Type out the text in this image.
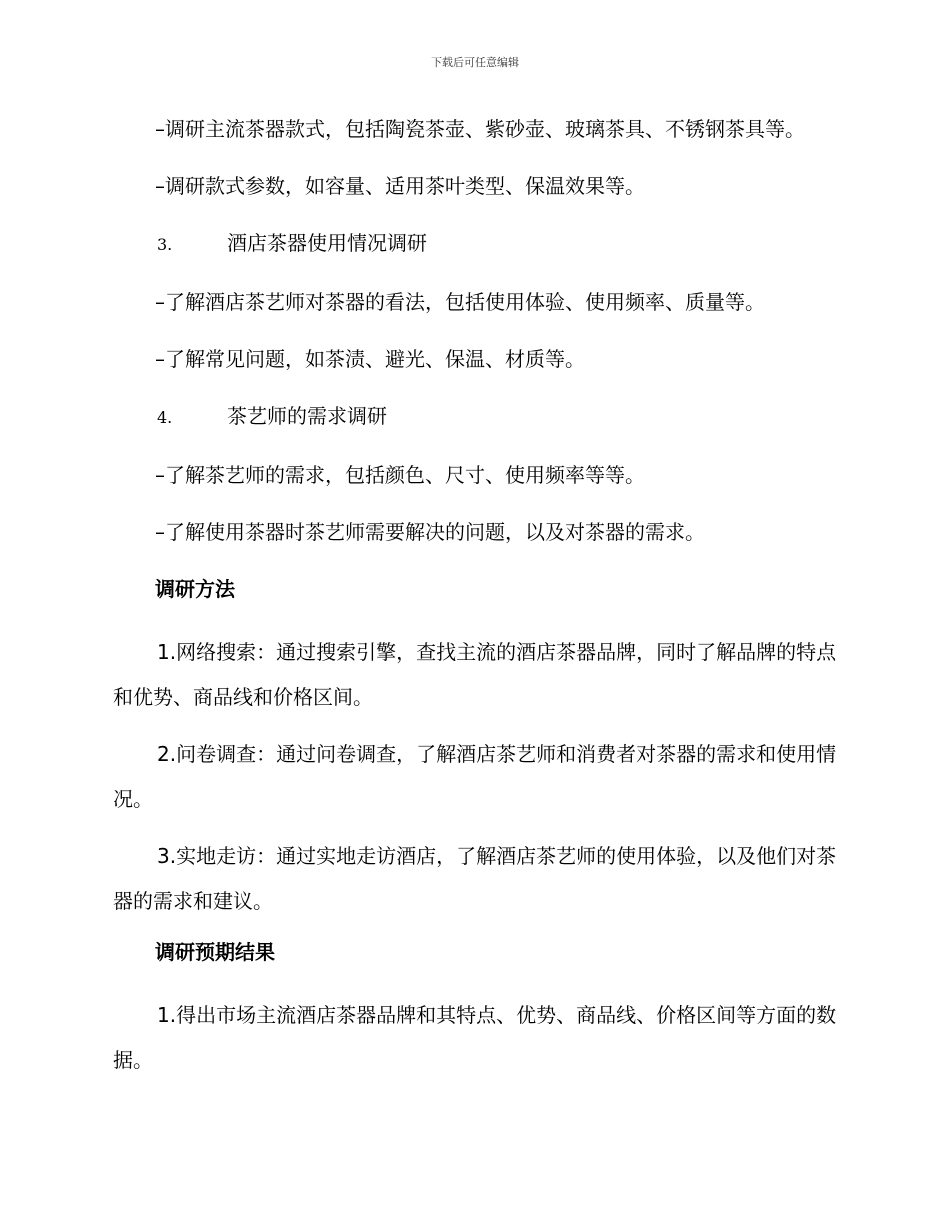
下载后可任意编辑

–调研主流茶器款式，包括陶瓷茶壶、紫砂壶、玻璃茶具、不锈钢茶具等。

–调研款式参数，如容量、适用茶叶类型、保温效果等。

3.	酒店茶器使用情况调研

–了解酒店茶艺师对茶器的看法，包括使用体验、使用频率、质量等。

–了解常见问题，如茶渍、避光、保温、材质等。

4.	茶艺师的需求调研

–了解茶艺师的需求，包括颜色、尺寸、使用频率等等。

–了解使用茶器时茶艺师需要解决的问题，以及对茶器的需求。

调研方法

1.网络搜索：通过搜索引擎，查找主流的酒店茶器品牌，同时了解品牌的特点和优势、商品线和价格区间。

2.问卷调查：通过问卷调查，了解酒店茶艺师和消费者对茶器的需求和使用情况。

3.实地走访：通过实地走访酒店，了解酒店茶艺师的使用体验，以及他们对茶器的需求和建议。

调研预期结果

1.得出市场主流酒店茶器品牌和其特点、优势、商品线、价格区间等方面的数据。
